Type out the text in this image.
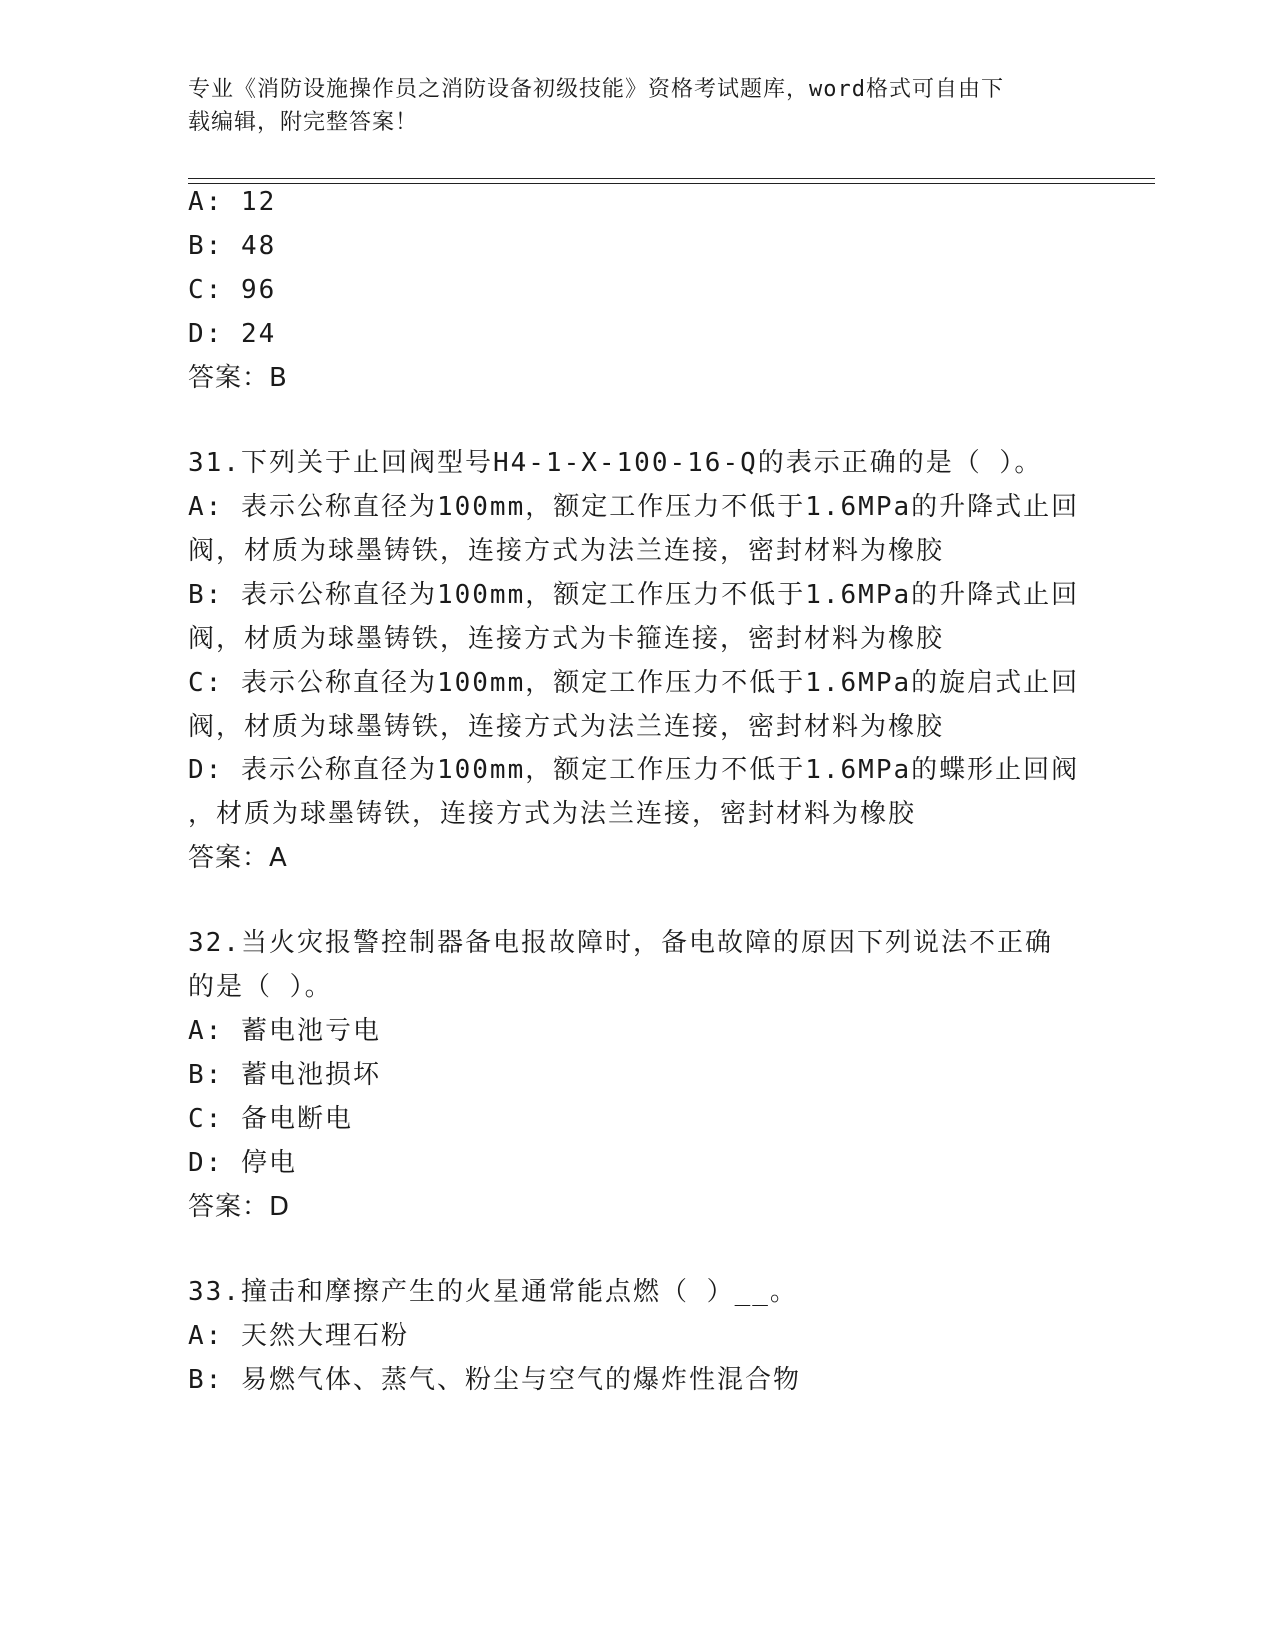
专业《消防设施操作员之消防设备初级技能》资格考试题库，word格式可自由下
载编辑，附完整答案！
A: 12
B: 48
C: 96
D: 24
答案：B
31.下列关于止回阀型号H4-1-X-100-16-Q的表示正确的是（ ）。
A: 表示公称直径为100mm，额定工作压力不低于1.6MPa的升降式止回
阀，材质为球墨铸铁，连接方式为法兰连接，密封材料为橡胶
B: 表示公称直径为100mm，额定工作压力不低于1.6MPa的升降式止回
阀，材质为球墨铸铁，连接方式为卡箍连接，密封材料为橡胶
C: 表示公称直径为100mm，额定工作压力不低于1.6MPa的旋启式止回
阀，材质为球墨铸铁，连接方式为法兰连接，密封材料为橡胶
D: 表示公称直径为100mm，额定工作压力不低于1.6MPa的蝶形止回阀
，材质为球墨铸铁，连接方式为法兰连接，密封材料为橡胶
答案：A
32.当火灾报警控制器备电报故障时，备电故障的原因下列说法不正确
的是（ ）。
A: 蓄电池亏电
B: 蓄电池损坏
C: 备电断电
D: 停电
答案：D
33.撞击和摩擦产生的火星通常能点燃（ ）__。
A: 天然大理石粉
B: 易燃气体、蒸气、粉尘与空气的爆炸性混合物
